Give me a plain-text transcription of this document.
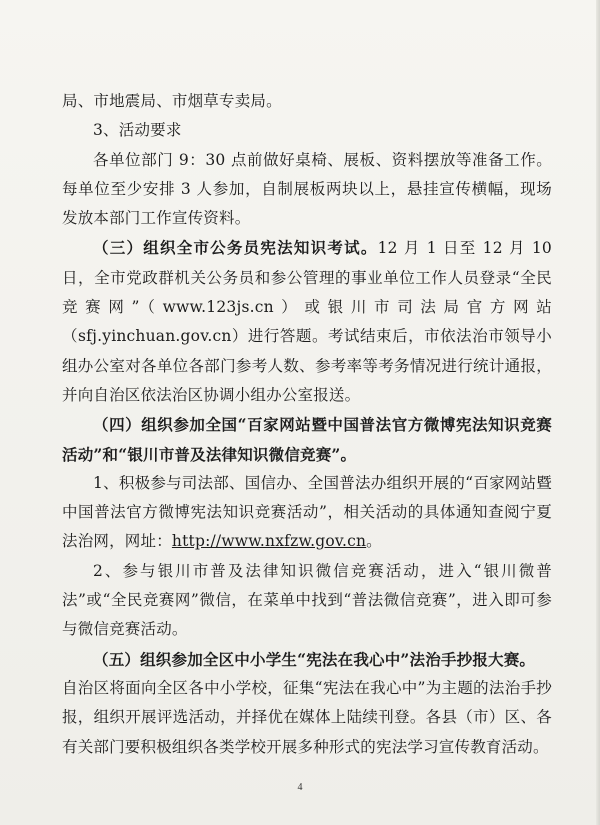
局、市地震局、市烟草专卖局。

3、活动要求

各单位部门 9：30 点前做好桌椅、展板、资料摆放等准备工作。每单位至少安排 3 人参加，自制展板两块以上，悬挂宣传横幅，现场发放本部门工作宣传资料。

（三）组织全市公务员宪法知识考试。12 月 1 日至 12 月 10 日，全市党政群机关公务员和参公管理的事业单位工作人员登录“全民竞赛网”（www.123js.cn）或银川市司法局官方网站（sfj.yinchuan.gov.cn）进行答题。考试结束后，市依法治市领导小组办公室对各单位各部门参考人数、参考率等考务情况进行统计通报，并向自治区依法治区协调小组办公室报送。

（四）组织参加全国“百家网站暨中国普法官方微博宪法知识竞赛活动”和“银川市普及法律知识微信竞赛”。

1、积极参与司法部、国信办、全国普法办组织开展的“百家网站暨中国普法官方微博宪法知识竞赛活动”，相关活动的具体通知查阅宁夏法治网，网址：http://www.nxfzw.gov.cn。

2、参与银川市普及法律知识微信竞赛活动，进入“银川微普法”或“全民竞赛网”微信，在菜单中找到“普法微信竞赛”，进入即可参与微信竞赛活动。

（五）组织参加全区中小学生“宪法在我心中”法治手抄报大赛。

自治区将面向全区各中小学校，征集“宪法在我心中”为主题的法治手抄报，组织开展评选活动，并择优在媒体上陆续刊登。各县（市）区、各有关部门要积极组织各类学校开展多种形式的宪法学习宣传教育活动。

4
